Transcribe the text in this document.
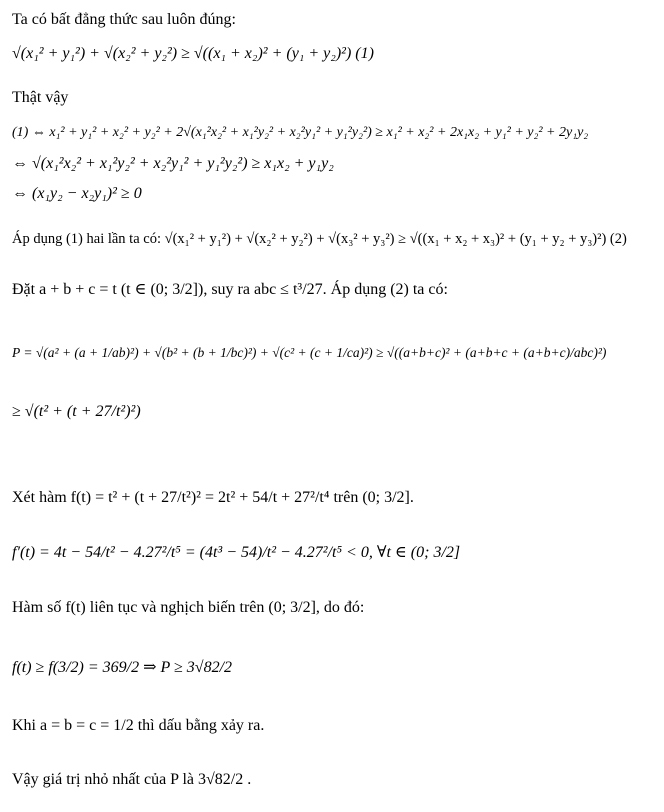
Ta có bất đẳng thức sau luôn đúng:
√(x₁² + y₁²) + √(x₂² + y₂²) ≥ √((x₁ + x₂)² + (y₁ + y₂)²) (1)
Thật vậy
(1) ⇔ x₁² + y₁² + x₂² + y₂² + 2√(x₁²x₂² + x₁²y₂² + x₂²y₁² + y₁²y₂²) ≥ x₁² + x₂² + 2x₁x₂ + y₁² + y₂² + 2y₁y₂
⇔ √(x₁²x₂² + x₁²y₂² + x₂²y₁² + y₁²y₂²) ≥ x₁x₂ + y₁y₂
⇔ (x₁y₂ − x₂y₁)² ≥ 0
Áp dụng (1) hai lần ta có: √(x₁² + y₁²) + √(x₂² + y₂²) + √(x₃² + y₃²) ≥ √((x₁ + x₂ + x₃)² + (y₁ + y₂ + y₃)²) (2)
Đặt a + b + c = t (t ∈ (0; 3/2]), suy ra abc ≤ t³/27. Áp dụng (2) ta có:
P = √(a² + (a + 1/ab)²) + √(b² + (b + 1/bc)²) + √(c² + (c + 1/ca)²) ≥ √((a+b+c)² + (a+b+c + (a+b+c)/abc)²)
≥ √(t² + (t + 27/t²)²)
Xét hàm f(t) = t² + (t + 27/t²)² = 2t² + 54/t + 27²/t⁴ trên (0; 3/2].
f′(t) = 4t − 54/t² − 4.27²/t⁵ = (4t³ − 54)/t² − 4.27²/t⁵ < 0, ∀t ∈ (0; 3/2]
Hàm số f(t) liên tục và nghịch biến trên (0; 3/2], do đó:
f(t) ≥ f(3/2) = 369/2 ⇒ P ≥ 3√82/2
Khi a = b = c = 1/2 thì dấu bằng xảy ra.
Vậy giá trị nhỏ nhất của P là 3√82/2 .
